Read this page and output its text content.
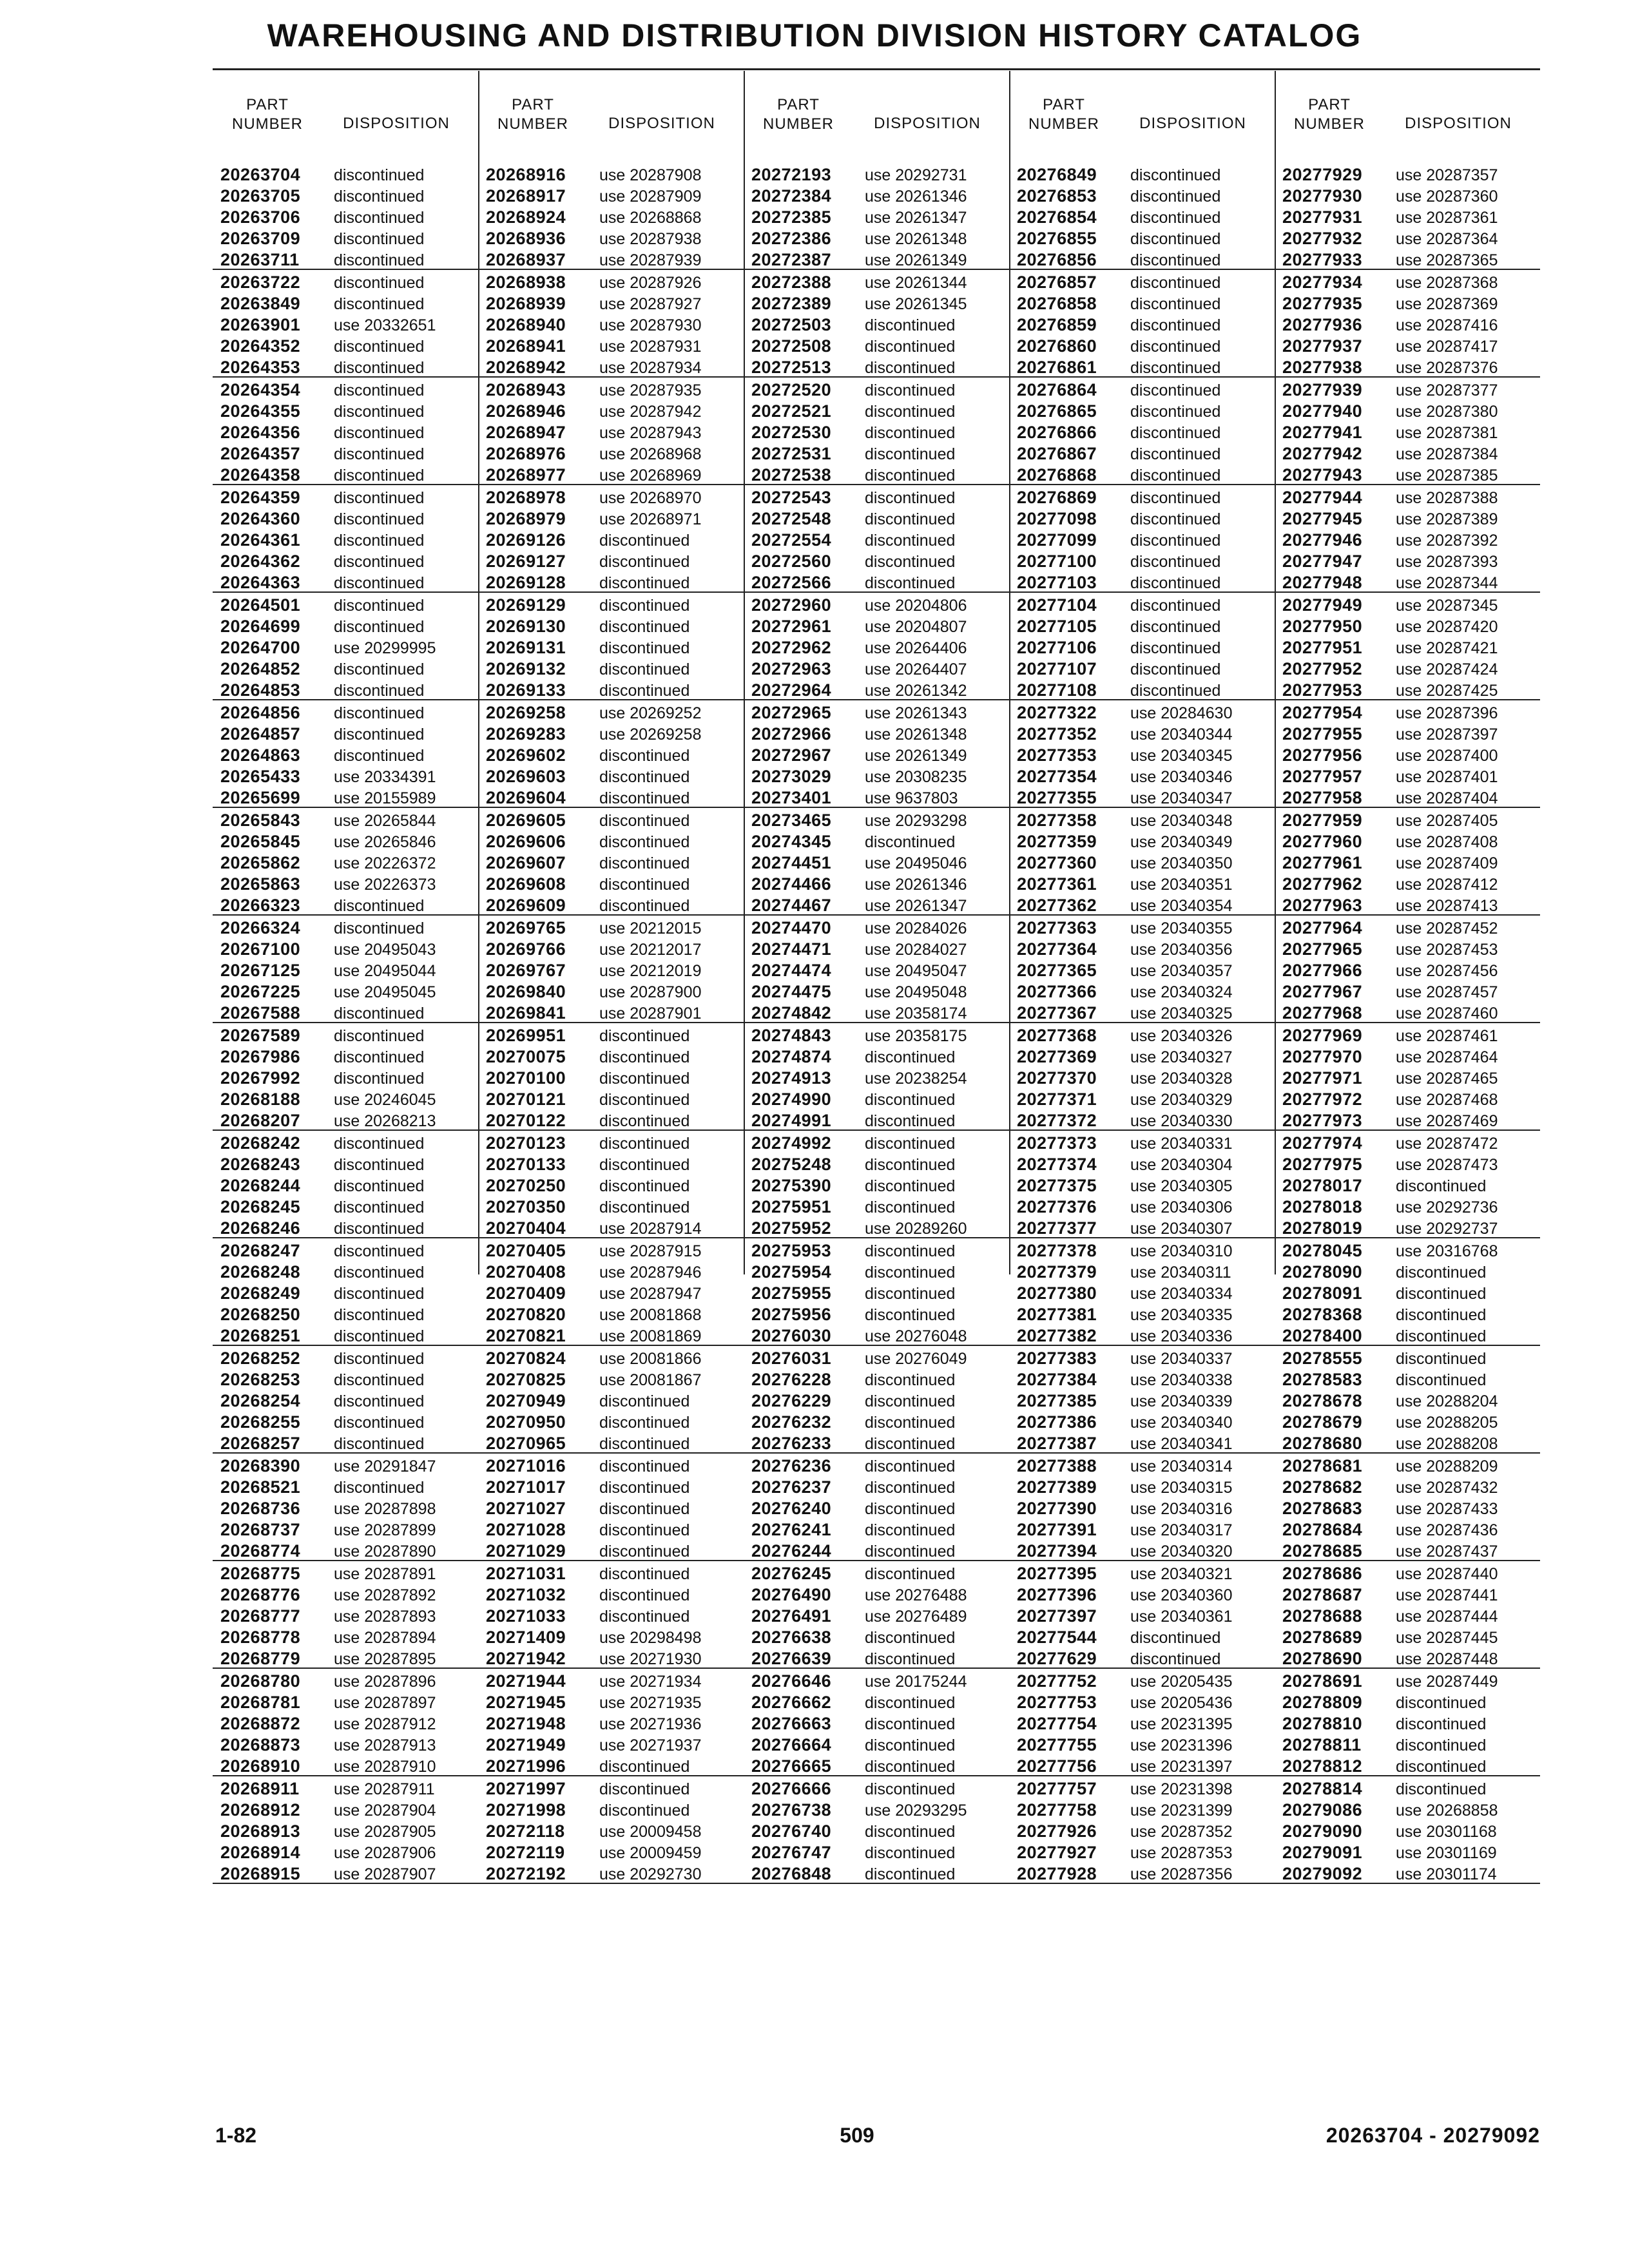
WAREHOUSING AND DISTRIBUTION DIVISION HISTORY CATALOG
PART
NUMBER	DISPOSITION
20263704 discontinued
20263705 discontinued
20263706 discontinued
20263709 discontinued
20263711 discontinued
20263722 discontinued
20263849 discontinued
20263901 use 20332651
20264352 discontinued
20264353 discontinued
20264354 discontinued
20264355 discontinued
20264356 discontinued
20264357 discontinued
20264358 discontinued
20264359 discontinued
20264360 discontinued
20264361 discontinued
20264362 discontinued
20264363 discontinued
20264501 discontinued
20264699 discontinued
20264700 use 20299995
20264852 discontinued
20264853 discontinued
20264856 discontinued
20264857 discontinued
20264863 discontinued
20265433 use 20334391
20265699 use 20155989
20265843 use 20265844
20265845 use 20265846
20265862 use 20226372
20265863 use 20226373
20266323 discontinued
20266324 discontinued
20267100 use 20495043
20267125 use 20495044
20267225 use 20495045
20267588 discontinued
20267589 discontinued
20267986 discontinued
20267992 discontinued
20268188 use 20246045
20268207 use 20268213
20268242 discontinued
20268243 discontinued
20268244 discontinued
20268245 discontinued
20268246 discontinued
20268247 discontinued
20268248 discontinued
20268249 discontinued
20268250 discontinued
20268251 discontinued
20268252 discontinued
20268253 discontinued
20268254 discontinued
20268255 discontinued
20268257 discontinued
20268390 use 20291847
20268521 discontinued
20268736 use 20287898
20268737 use 20287899
20268774 use 20287890
20268775 use 20287891
20268776 use 20287892
20268777 use 20287893
20268778 use 20287894
20268779 use 20287895
20268780 use 20287896
20268781 use 20287897
20268872 use 20287912
20268873 use 20287913
20268910 use 20287910
20268911 use 20287911
20268912 use 20287904
20268913 use 20287905
20268914 use 20287906
20268915 use 20287907
PART
NUMBER	DISPOSITION
20268916 use 20287908
20268917 use 20287909
20268924 use 20268868
20268936 use 20287938
20268937 use 20287939
20268938 use 20287926
20268939 use 20287927
20268940 use 20287930
20268941 use 20287931
20268942 use 20287934
20268943 use 20287935
20268946 use 20287942
20268947 use 20287943
20268976 use 20268968
20268977 use 20268969
20268978 use 20268970
20268979 use 20268971
20269126 discontinued
20269127 discontinued
20269128 discontinued
20269129 discontinued
20269130 discontinued
20269131 discontinued
20269132 discontinued
20269133 discontinued
20269258 use 20269252
20269283 use 20269258
20269602 discontinued
20269603 discontinued
20269604 discontinued
20269605 discontinued
20269606 discontinued
20269607 discontinued
20269608 discontinued
20269609 discontinued
20269765 use 20212015
20269766 use 20212017
20269767 use 20212019
20269840 use 20287900
20269841 use 20287901
20269951 discontinued
20270075 discontinued
20270100 discontinued
20270121 discontinued
20270122 discontinued
20270123 discontinued
20270133 discontinued
20270250 discontinued
20270350 discontinued
20270404 use 20287914
20270405 use 20287915
20270408 use 20287946
20270409 use 20287947
20270820 use 20081868
20270821 use 20081869
20270824 use 20081866
20270825 use 20081867
20270949 discontinued
20270950 discontinued
20270965 discontinued
20271016 discontinued
20271017 discontinued
20271027 discontinued
20271028 discontinued
20271029 discontinued
20271031 discontinued
20271032 discontinued
20271033 discontinued
20271409 use 20298498
20271942 use 20271930
20271944 use 20271934
20271945 use 20271935
20271948 use 20271936
20271949 use 20271937
20271996 discontinued
20271997 discontinued
20271998 discontinued
20272118 use 20009458
20272119 use 20009459
20272192 use 20292730
PART
NUMBER	DISPOSITION
20272193 use 20292731
20272384 use 20261346
20272385 use 20261347
20272386 use 20261348
20272387 use 20261349
20272388 use 20261344
20272389 use 20261345
20272503 discontinued
20272508 discontinued
20272513 discontinued
20272520 discontinued
20272521 discontinued
20272530 discontinued
20272531 discontinued
20272538 discontinued
20272543 discontinued
20272548 discontinued
20272554 discontinued
20272560 discontinued
20272566 discontinued
20272960 use 20204806
20272961 use 20204807
20272962 use 20264406
20272963 use 20264407
20272964 use 20261342
20272965 use 20261343
20272966 use 20261348
20272967 use 20261349
20273029 use 20308235
20273401 use 9637803
20273465 use 20293298
20274345 discontinued
20274451 use 20495046
20274466 use 20261346
20274467 use 20261347
20274470 use 20284026
20274471 use 20284027
20274474 use 20495047
20274475 use 20495048
20274842 use 20358174
20274843 use 20358175
20274874 discontinued
20274913 use 20238254
20274990 discontinued
20274991 discontinued
20274992 discontinued
20275248 discontinued
20275390 discontinued
20275951 discontinued
20275952 use 20289260
20275953 discontinued
20275954 discontinued
20275955 discontinued
20275956 discontinued
20276030 use 20276048
20276031 use 20276049
20276228 discontinued
20276229 discontinued
20276232 discontinued
20276233 discontinued
20276236 discontinued
20276237 discontinued
20276240 discontinued
20276241 discontinued
20276244 discontinued
20276245 discontinued
20276490 use 20276488
20276491 use 20276489
20276638 discontinued
20276639 discontinued
20276646 use 20175244
20276662 discontinued
20276663 discontinued
20276664 discontinued
20276665 discontinued
20276666 discontinued
20276738 use 20293295
20276740 discontinued
20276747 discontinued
20276848 discontinued
PART
NUMBER	DISPOSITION
20276849 discontinued
20276853 discontinued
20276854 discontinued
20276855 discontinued
20276856 discontinued
20276857 discontinued
20276858 discontinued
20276859 discontinued
20276860 discontinued
20276861 discontinued
20276864 discontinued
20276865 discontinued
20276866 discontinued
20276867 discontinued
20276868 discontinued
20276869 discontinued
20277098 discontinued
20277099 discontinued
20277100 discontinued
20277103 discontinued
20277104 discontinued
20277105 discontinued
20277106 discontinued
20277107 discontinued
20277108 discontinued
20277322 use 20284630
20277352 use 20340344
20277353 use 20340345
20277354 use 20340346
20277355 use 20340347
20277358 use 20340348
20277359 use 20340349
20277360 use 20340350
20277361 use 20340351
20277362 use 20340354
20277363 use 20340355
20277364 use 20340356
20277365 use 20340357
20277366 use 20340324
20277367 use 20340325
20277368 use 20340326
20277369 use 20340327
20277370 use 20340328
20277371 use 20340329
20277372 use 20340330
20277373 use 20340331
20277374 use 20340304
20277375 use 20340305
20277376 use 20340306
20277377 use 20340307
20277378 use 20340310
20277379 use 20340311
20277380 use 20340334
20277381 use 20340335
20277382 use 20340336
20277383 use 20340337
20277384 use 20340338
20277385 use 20340339
20277386 use 20340340
20277387 use 20340341
20277388 use 20340314
20277389 use 20340315
20277390 use 20340316
20277391 use 20340317
20277394 use 20340320
20277395 use 20340321
20277396 use 20340360
20277397 use 20340361
20277544 discontinued
20277629 discontinued
20277752 use 20205435
20277753 use 20205436
20277754 use 20231395
20277755 use 20231396
20277756 use 20231397
20277757 use 20231398
20277758 use 20231399
20277926 use 20287352
20277927 use 20287353
20277928 use 20287356
PART
NUMBER	DISPOSITION
20277929 use 20287357
20277930 use 20287360
20277931 use 20287361
20277932 use 20287364
20277933 use 20287365
20277934 use 20287368
20277935 use 20287369
20277936 use 20287416
20277937 use 20287417
20277938 use 20287376
20277939 use 20287377
20277940 use 20287380
20277941 use 20287381
20277942 use 20287384
20277943 use 20287385
20277944 use 20287388
20277945 use 20287389
20277946 use 20287392
20277947 use 20287393
20277948 use 20287344
20277949 use 20287345
20277950 use 20287420
20277951 use 20287421
20277952 use 20287424
20277953 use 20287425
20277954 use 20287396
20277955 use 20287397
20277956 use 20287400
20277957 use 20287401
20277958 use 20287404
20277959 use 20287405
20277960 use 20287408
20277961 use 20287409
20277962 use 20287412
20277963 use 20287413
20277964 use 20287452
20277965 use 20287453
20277966 use 20287456
20277967 use 20287457
20277968 use 20287460
20277969 use 20287461
20277970 use 20287464
20277971 use 20287465
20277972 use 20287468
20277973 use 20287469
20277974 use 20287472
20277975 use 20287473
20278017 discontinued
20278018 use 20292736
20278019 use 20292737
20278045 use 20316768
20278090 discontinued
20278091 discontinued
20278368 discontinued
20278400 discontinued
20278555 discontinued
20278583 discontinued
20278678 use 20288204
20278679 use 20288205
20278680 use 20288208
20278681 use 20288209
20278682 use 20287432
20278683 use 20287433
20278684 use 20287436
20278685 use 20287437
20278686 use 20287440
20278687 use 20287441
20278688 use 20287444
20278689 use 20287445
20278690 use 20287448
20278691 use 20287449
20278809 discontinued
20278810 discontinued
20278811 discontinued
20278812 discontinued
20278814 discontinued
20279086 use 20268858
20279090 use 20301168
20279091 use 20301169
20279092 use 20301174
1-82	509	20263704 - 20279092
